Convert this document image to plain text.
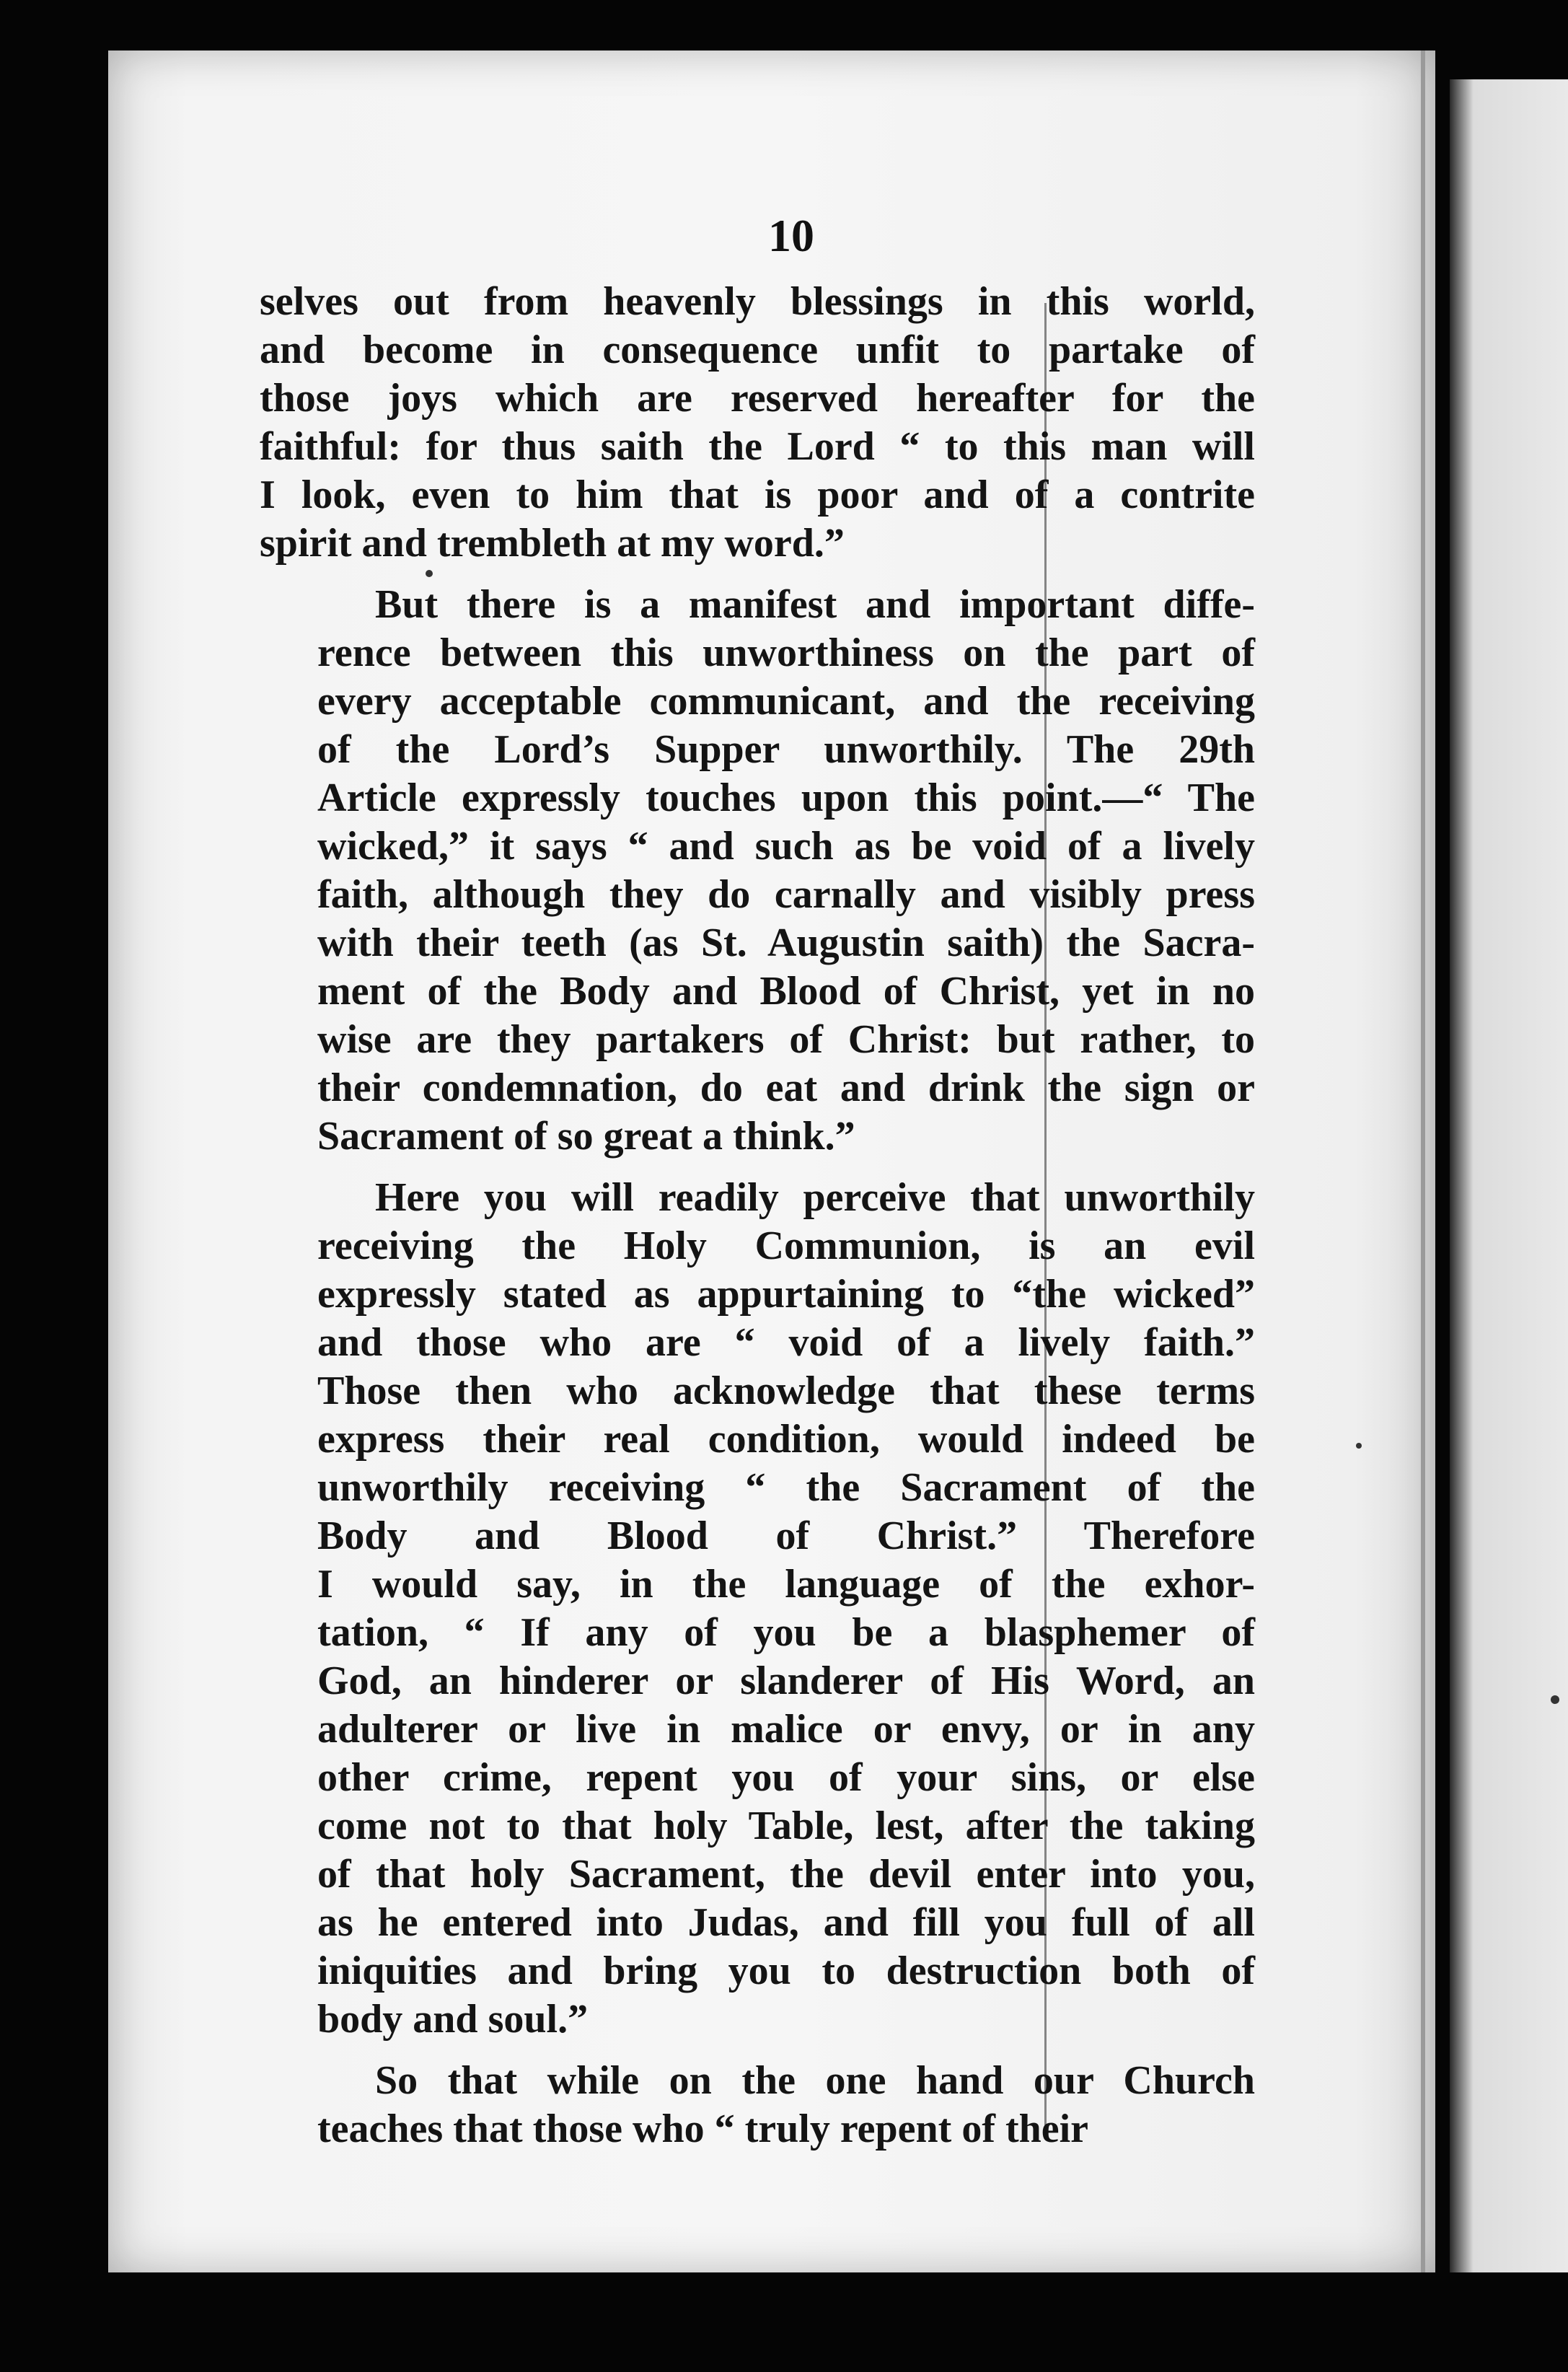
10
selves out from heavenly blessings in this world,
and become in consequence unfit to partake of
those joys which are reserved hereafter for the
faithful: for thus saith the Lord “ to this man will
I look, even to him that is poor and of a contrite
spirit and trembleth at my word.”
But there is a manifest and important diffe-
rence between this unworthiness on the part of
every acceptable communicant, and the receiving
of the Lord’s Supper unworthily. The 29th
Article expressly touches upon this point.—“ The
wicked,” it says “ and such as be void of a lively
faith, although they do carnally and visibly press
with their teeth (as St. Augustin saith) the Sacra-
ment of the Body and Blood of Christ, yet in no
wise are they partakers of Christ: but rather, to
their condemnation, do eat and drink the sign or
Sacrament of so great a think.”
Here you will readily perceive that unworthily
receiving the Holy Communion, is an evil
expressly stated as appurtaining to “the wicked”
and those who are “ void of a lively faith.”
Those then who acknowledge that these terms
express their real condition, would indeed be
unworthily receiving “ the Sacrament of the
Body and Blood of Christ.” Therefore
I would say, in the language of the exhor-
tation, “ If any of you be a blasphemer of
God, an hinderer or slanderer of His Word, an
adulterer or live in malice or envy, or in any
other crime, repent you of your sins, or else
come not to that holy Table, lest, after the taking
of that holy Sacrament, the devil enter into you,
as he entered into Judas, and fill you full of all
iniquities and bring you to destruction both of
body and soul.”
So that while on the one hand our Church
teaches that those who “ truly repent of their
